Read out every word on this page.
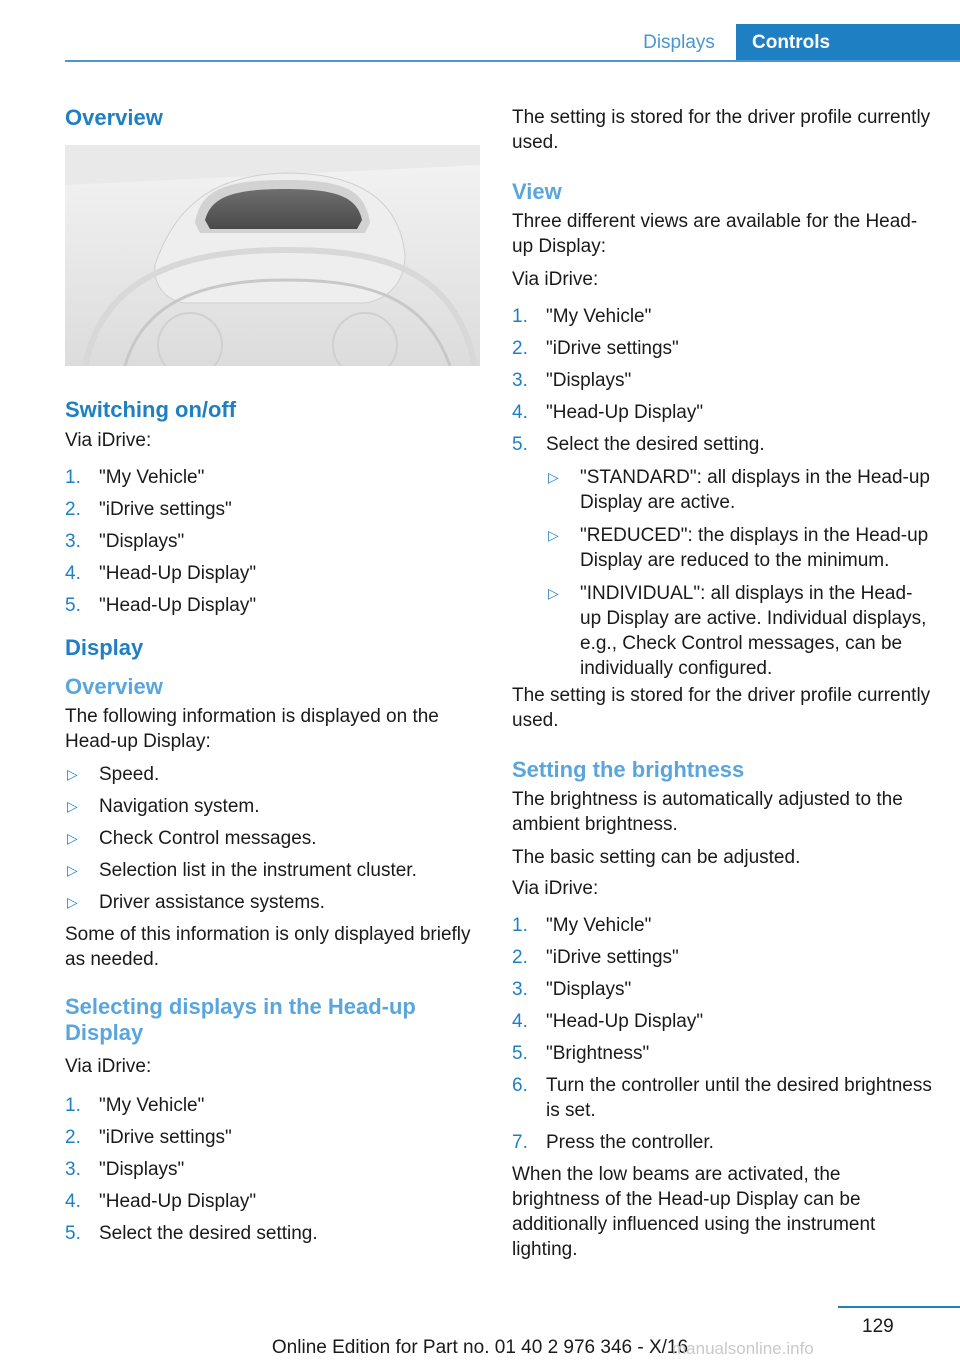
Displays	Controls
Overview
Switching on/off

Via iDrive:

1. "My Vehicle"
2. "iDrive settings"
3. "Displays"
4. "Head-Up Display"
5. "Head-Up Display"
Display
Overview

The following information is displayed on the Head-up Display:

▷ Speed.
▷ Navigation system.
▷ Check Control messages.
▷ Selection list in the instrument cluster.
▷ Driver assistance systems.

Some of this information is only displayed briefly as needed.

Selecting displays in the Head-up Display

Via iDrive:

1. "My Vehicle"
2. "iDrive settings"
3. "Displays"
4. "Head-Up Display"
5. Select the desired setting.

The setting is stored for the driver profile currently used.

View

Three different views are available for the Head-up Display:

Via iDrive:

1. "My Vehicle"
2. "iDrive settings"
3. "Displays"
4. "Head-Up Display"
5. Select the desired setting.
▷ "STANDARD": all displays in the Head-up Display are active.
▷ "REDUCED": the displays in the Head-up Display are reduced to the minimum.
▷ "INDIVIDUAL": all displays in the Head-up Display are active. Individual displays, e.g., Check Control messages, can be individually configured.

The setting is stored for the driver profile currently used.

Setting the brightness

The brightness is automatically adjusted to the ambient brightness.

The basic setting can be adjusted.

Via iDrive:

1. "My Vehicle"
2. "iDrive settings"
3. "Displays"
4. "Head-Up Display"
5. "Brightness"
6. Turn the controller until the desired brightness is set.
7. Press the controller.

When the low beams are activated, the brightness of the Head-up Display can be additionally influenced using the instrument lighting.

129
Online Edition for Part no. 01 40 2 976 346 - X/16
manualsonline.info
